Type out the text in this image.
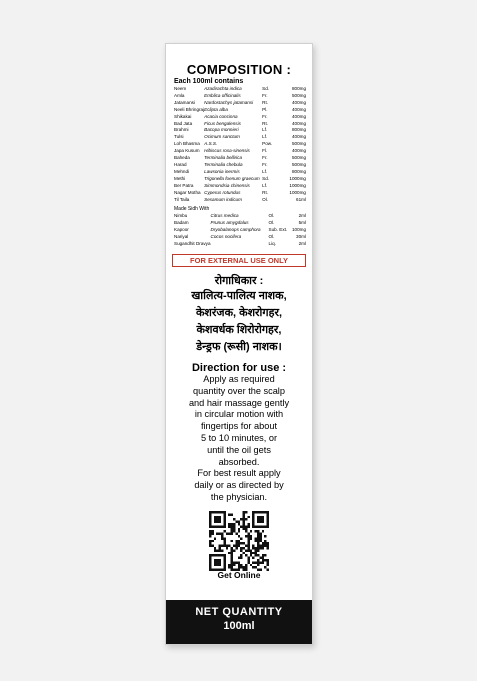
COMPOSITION :
Each 100ml contains
Neem	Azadirachta indica	Sd.	800mg
Amla	Emblica officinalis	Fr.	500mg
Jatamansi	Nardostachys jatamansi	Rt.	400mg
Neeli Bhringraj	Eclipta alba	Pl.	400mg
Shikakai	Acacia concinna	Fr.	400mg
Bad Jata	Ficus bengalensis	Rt.	400mg
Brahmi	Bacopa monnieri	Lf.	800mg
Tulsi	Ocimum sanctum	Lf.	400mg
Loh Bhasma	A.S.S.	Pow.	500mg
Japa Kusum	Hibiscus rosa-sinensis	Fl.	400mg
Baheda	Terminalia bellirica	Fr.	500mg
Harad	Terminalia chebula	Fr.	500mg
Mehndi	Lawsonia inermis	Lf.	800mg
Methi	Trigonella foenum graecum	Sd.	1000mg
Ber Patra	Simmondsia chinensis	Lf.	1000mg
Nagar Motha	Cyperus rotundus	Rt.	1000mg
Til Taila	Sesamum indicum	Ol.	61ml
Made Sidh With
Nimbu	Citrus medica	Ol.	2ml
Badam	Prunus amygdalus	Ol.	5ml
Kapoor	Dryobalanops camphora	Sub. Ext.	100mg
Nariyal	Cocos nocifera	Ol.	30ml
Sugandhit Dravya		Liq.	2ml
FOR EXTERNAL USE ONLY
रोगाधिकार :
खालित्य-पालित्य नाशक,
केशरंजक, केशरोगहर,
केशवर्धक शिरोरोगहर,
डेन्ड्रफ (रूसी) नाशक।
Direction for use :
Apply as required
quantity over the scalp
and hair massage gently
in circular motion with
fingertips for about
5 to 10 minutes, or
until the oil gets
absorbed.
For best result apply
daily or as directed by
the physician.
Get Online
NET QUANTITY
100ml
